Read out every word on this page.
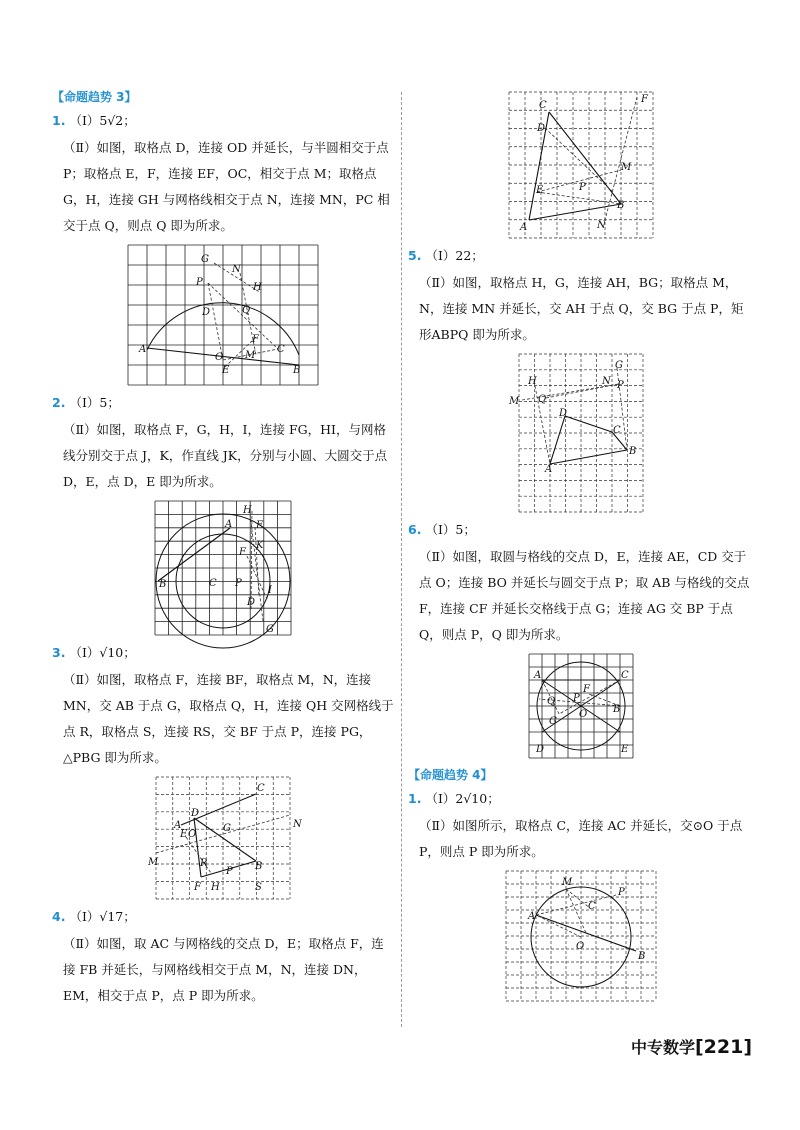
【命题趋势 3】
1. （Ⅰ）5√2；
（Ⅱ）如图，取格点 D，连接 OD 并延长，与半圆相交于点 P；取格点 E，F，连接 EF，OC，相交于点 M；取格点 G，H，连接 GH 与网格线相交于点 N，连接 MN，PC 相交于点 Q，则点 Q 即为所求。
G
N
P	H
D	Q
F
C
A
O M
E	B
2. （Ⅰ）5；
（Ⅱ）如图，取格点 F，G，H，I，连接 FG，HI，与网格线分别交于点 J，K，作直线 JK，分别与小圆、大圆交于点 D，E，点 D，E 即为所求。
H
A E
K
F
B	C P
I
D
G
3. （Ⅰ）√10；
（Ⅱ）如图，取格点 F，连接 BF，取格点 M，N，连接 MN，交 AB 于点 G，取格点 Q，H，连接 QH 交网格线于点 R，取格点 S，连接 RS，交 BF 于点 P，连接 PG，△PBG 即为所求。
C
D
A
E O
G	N
M	R
P B
F H	S
4. （Ⅰ）√17；
（Ⅱ）如图，取 AC 与网格线的交点 D，E；取格点 F，连接 FB 并延长，与网格线相交于点 M，N，连接 DN，EM，相交于点 P，点 P 即为所求。
C
F
D
M
E	P
B
A	N
5. （Ⅰ）22；
（Ⅱ）如图，取格点 H，G，连接 AH，BG；取格点 M，N，连接 MN 并延长，交 AH 于点 Q，交 BG 于点 P，矩形ABPQ 即为所求。
H
G
M Q
N P
D
C
B
A
6. （Ⅰ）5；
（Ⅱ）如图，取圆与格线的交点 D，E，连接 AE，CD 交于点 O；连接 BO 并延长与圆交于点 P；取 AB 与格线的交点 F，连接 CF 并延长交格线于点 G；连接 AG 交 BP 于点 Q，则点 P，Q 即为所求。
A	C
F
P
Q
O	B
G
D	E
【命题趋势 4】
1. （Ⅰ）2√10；
（Ⅱ）如图所示，取格点 C，连接 AC 并延长，交⊙O 于点 P，则点 P 即为所求。
M
P
C
A
O
B
中专数学[221]
